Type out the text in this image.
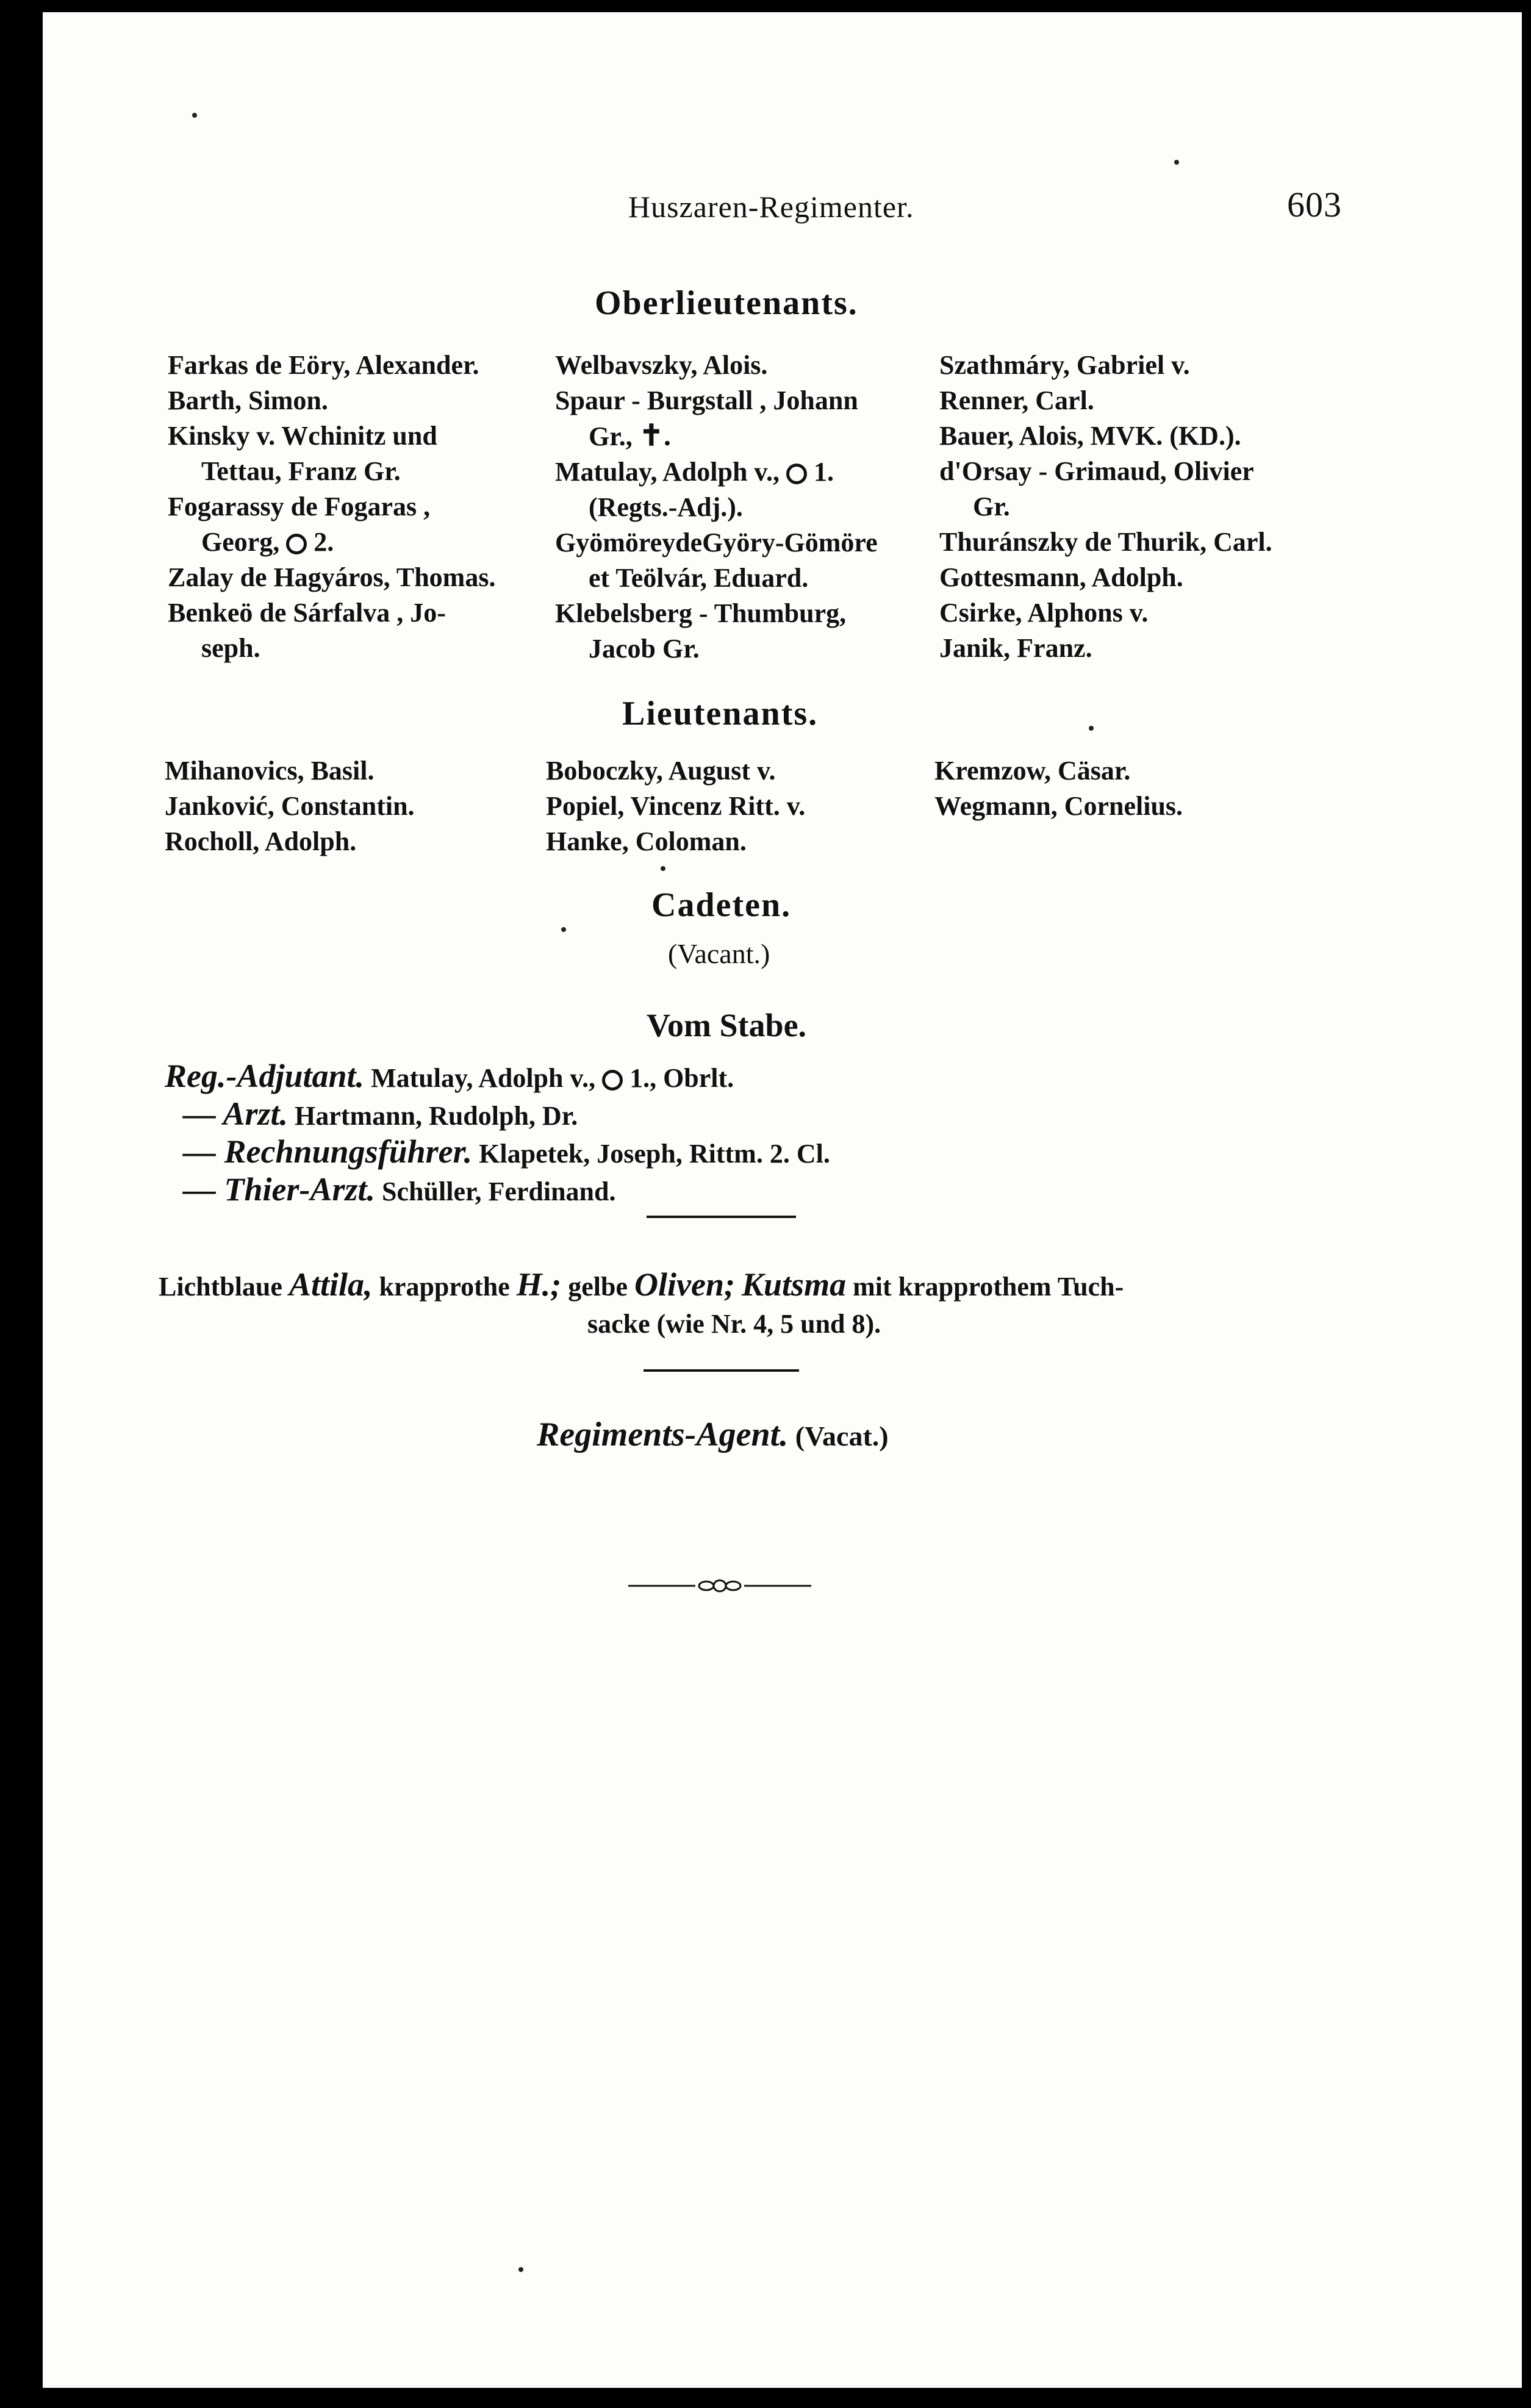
Huszaren-Regimenter.	603
Oberlieutenants.
Farkas de Eöry, Alexander.
Barth, Simon.
Kinsky v. Wchinitz und
Tettau, Franz Gr.
Fogarassy de Fogaras ,
Georg, 2.
Zalay de Hagyáros, Thomas.
Benkeö de Sárfalva , Jo-
seph.
Welbavszky, Alois.
Spaur - Burgstall , Johann
Gr., ✝.
Matulay, Adolph v., 1.
(Regts.-Adj.).
GyömöreydeGyöry-Gömöre
et Teölvár, Eduard.
Klebelsberg - Thumburg,
Jacob Gr.
Szathmáry, Gabriel v.
Renner, Carl.
Bauer, Alois, MVK. (KD.).
d'Orsay - Grimaud, Olivier
Gr.
Thuránszky de Thurik, Carl.
Gottesmann, Adolph.
Csirke, Alphons v.
Janik, Franz.
Lieutenants.
Mihanovics, Basil.
Janković, Constantin.
Rocholl, Adolph.
Boboczky, August v.
Popiel, Vincenz Ritt. v.
Hanke, Coloman.
Kremzow, Cäsar.
Wegmann, Cornelius.
Cadeten.
(Vacant.)
Vom Stabe.
Reg.-Adjutant. Matulay, Adolph v., 1., Obrlt.
— Arzt. Hartmann, Rudolph, Dr.
— Rechnungsführer. Klapetek, Joseph, Rittm. 2. Cl.
— Thier-Arzt. Schüller, Ferdinand.
Lichtblaue Attila, krapprothe H.; gelbe Oliven; Kutsma mit krapprothem Tuch-
sacke (wie Nr. 4, 5 und 8).
Regiments-Agent. (Vacat.)
